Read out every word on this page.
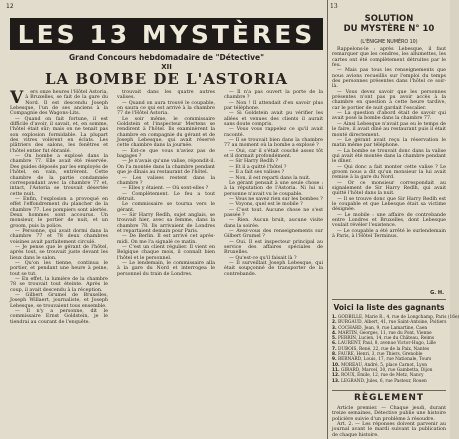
12	13
LES 13 MYSTÈRES
Grand Concours hebdomadaire de "Détective"
XII
LA BOMBE DE L'ASTORIA
V	ers onze heures l'Hôtel Astoria, à Bruxelles, se fait de la gare du Nord. Il est descendu Joseph Lebesque, l'un de ses anciens à la Compagnie des Wagons-Lits.

— Quand on fait fortune, il est difficile d'avoir, il savait, et, en somme, l'hôtel était sûr; mais on ne tenait pas son explosion formidable. La plupart des vitres volèrent en éclats. Les plâtriers des salons, les fenêtres et l'hôtel entier fut ébranlé.

— On bombe a explosé dans la chambre 77. Elle avait été réservée. Des guides déposés par les employés de l'hôtel, en vain, entrèrent. Cette chambre de la partie condamnée correspondant avec la chambre 77 et, intact, l'Astoria se trouvait désertée cette nuit.

— Enfin, l'explosion a provoqué en effet l'effondrement du plancher de la chambre 77. Les pompiers sont alertés. Deux hommes sont accourus. Un monsieur, le portier de nuit, et un groom, puis la police.

— Personne, qui avait dormi dans la chambre 77 et 78 deux chambres voisines avait parfaitement circulé.

— Je pense que le gérant de l'hôtel, après tout, se trouvait juste devant les lieux dans le salon.

— Qu'on les tienne, continua le portier, et pendant une heure à peine, tout se tut.

— En effet, la lumière de la chambre 78 se trouvait tout éteinte. Après le coup, il avait descendu à la réception.

— Gilbert Grumel de Bruxelles, Joseph Willaert, journaliste, et Joseph Lebesque, se trouvaient tous ensemble.

— Il n'y a personne, dit le commissaire Ernst Goldstein, je le tiendrai au courant de l'enquête.

trouvait dans les quatre autres valises.

— Quand on aura trouvé le coupable, on saura ce qui est arrivé à la chambre 77 de l'Hôtel Astoria.

Le soir même, le commissaire Goldstein et l'inspecteur Mertens se rendirent à l'hôtel. Ils examinèrent la chambre en compagnie du gérant et de Joseph Lebesque, qui avait réservé cette chambre dans la journée.

— Est-ce que vous n'aviez pas de bagages ?

— Je n'avais qu'une valise, répondit-il. On l'a montée dans la chambre pendant que je dînais au restaurant de l'hôtel.

— Les valises restent dans la chambre ?

— Elles y étaient. — Où sont-elles ?

— Complètement. Le feu a tout détruit.

Le commissaire se tourna vers le gérant.

— Sir Harry Redlh, sujet anglais, se trouvait hier, avec sa femme, dans la chambre 78. Ils arrivaient de Londres et repartaient demain pour Paris.

— De Berlin. Il est arrivé cet après-midi. On me l'a signalé ce matin.

— C'est un client régulier. Il vient en Belgique chaque mois, il connaît bien l'hôtel et le personnel.

— Le lendemain, le commissaire alla à la gare du Nord et interrogea le personnel du train de Londres.

— Il n'a pas ouvert la porte de la chambre ?

— Non ! Il attendait d'en savoir plus par téléphone.

— Si Goldstein avait pu vérifier les allées et venues des clients il aurait sans doute compris.

— Vous vous rappelez ce qu'il avait raconté.

— Il se trouvait bien dans la chambre 77 au moment où la bombe a explosé ?

— Oui, car il s'était couché assez tôt et il dormait profondément.

— Sir Harry Redlh ?

— Et il a quitté l'hôtel ?

— Il a fait ses valises ?

— Non, il est reparti dans la nuit.

Le gérant pensait à une seule chose : à la réputation de l'Astoria. Ni lui ni personne n'avait vu le coupable.

— Vous ne savez rien sur les bombes ?

— Voyons, quel est le mobile ?

— C'est tout. Aucune chose ne s'est passée ?

— Rien. Aucun bruit, aucune visite dans la soirée.

— Avez-vous des renseignements sur Gilbert Grumel ?

— Oui. Il est inspecteur principal au service des affaires spéciales de Bruxelles.

— Qu'est-ce qu'il faisait là ?

— Il surveillait Joseph Lebesque, qui était soupçonné de transporter de la contrebande.

SOLUTION
DU MYSTÈRE N° 10
(L'ÉNIGME NUMÉRO 10)

Rappelons-le : après Lebesque, il faut remarquer que les cendres, les allumettes, les cartes ont été complètement détruites par le feu.

— Mais pas tous les renseignements que nous avions recueillis sur l'emploi du temps des personnes présentes dans l'hôtel ce soir-là.

— Vous devez savoir que les personnes présentes n'ont pas pu avoir accès à la chambre en question à cette heure tardive, car le portier de nuit gardait l'escalier.

— La question d'abord était de savoir qui avait posé la bombe dans la chambre 77.

— Ainsi Lebesque n'avait pas eu le temps de le faire, il avait dîné au restaurant puis il était monté directement.

— Le gérant avait reçu la réservation le matin même par téléphone.

— La bombe se trouvait donc dans la valise qui avait été montée dans la chambre pendant le dîner.

— Qui donc a fait monter cette valise ? Le groom nous a dit qu'un monsieur la lui avait remise à la gare du Nord.

— Or ce monsieur correspondait au signalement de Sir Harry Redlh, qui avait quitté l'hôtel dans la nuit.

— Il se trouve donc que Sir Harry Redlh est le coupable et que Lebesque était sa victime désignée.

— Le mobile : une affaire de contrebande entre Londres et Bruxelles, dont Lebesque voulait révéler l'existence.

— Le coupable a été arrêté le surlendemain à Paris, à l'Hôtel Terminus.

G. H.
Voici la liste des gagnants
1. GODBILLE, Marie R., 4, rue de Longchamp, Paris (16e)
2. BURGAUD, Albert, 41, rue Saint-Antoine, Poitiers
3. COCHARD, Jean, 9, rue Lamartine, Caen
4. MARTIN, Georges, 11, rue du Pont, Vienne
5. PERRIN, Lucien, 14, rue du Château, Reims
6. LAURENT, Paul, 8, avenue Victor-Hugo, Lille
7. DUBOIS, René, 22, rue de la Paix, Nantes
8. FAURE, Henri, 3, rue Thiers, Grenoble
9. BERNARD, Louis, 17, rue Nationale, Tours
10. MOREAU, André, 5, place Carnot, Lyon
11. GIRARD, Marcel, 30, rue Gambetta, Dijon
12. ROUX, Émile, 12, rue de Metz, Nancy
13. LEGRAND, Jules, 6, rue Pasteur, Rouen
RÈGLEMENT

Article premier. — Chaque jeudi, durant treize semaines, Détective publie une histoire policière suivie d'un problème à résoudre.

Art. 2. — Les réponses doivent parvenir au journal avant le mardi suivant la publication de chaque histoire.
